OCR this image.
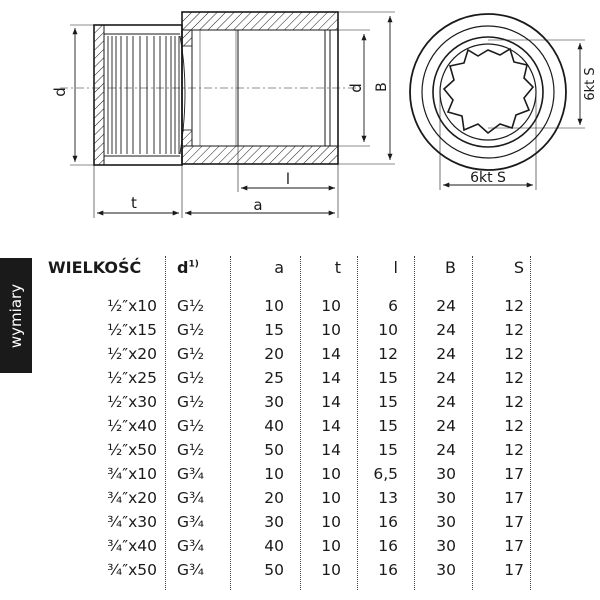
d	d B
l
t	a
6kt S
6kt S
wymiary
WIELKOŚĆ	d$^{1)}$	a	t	l	B	S
½″x10	G½	10	10	6	24	12
½″x15	G½	15	10	10	24	12
½″x20	G½	20	14	12	24	12
½″x25	G½	25	14	15	24	12
½″x30	G½	30	14	15	24	12
½″x40	G½	40	14	15	24	12
½″x50	G½	50	14	15	24	12
¾″x10	G¾	10	10	6,5	30	17
¾″x20	G¾	20	10	13	30	17
¾″x30	G¾	30	10	16	30	17
¾″x40	G¾	40	10	16	30	17
¾″x50	G¾	50	10	16	30	17
